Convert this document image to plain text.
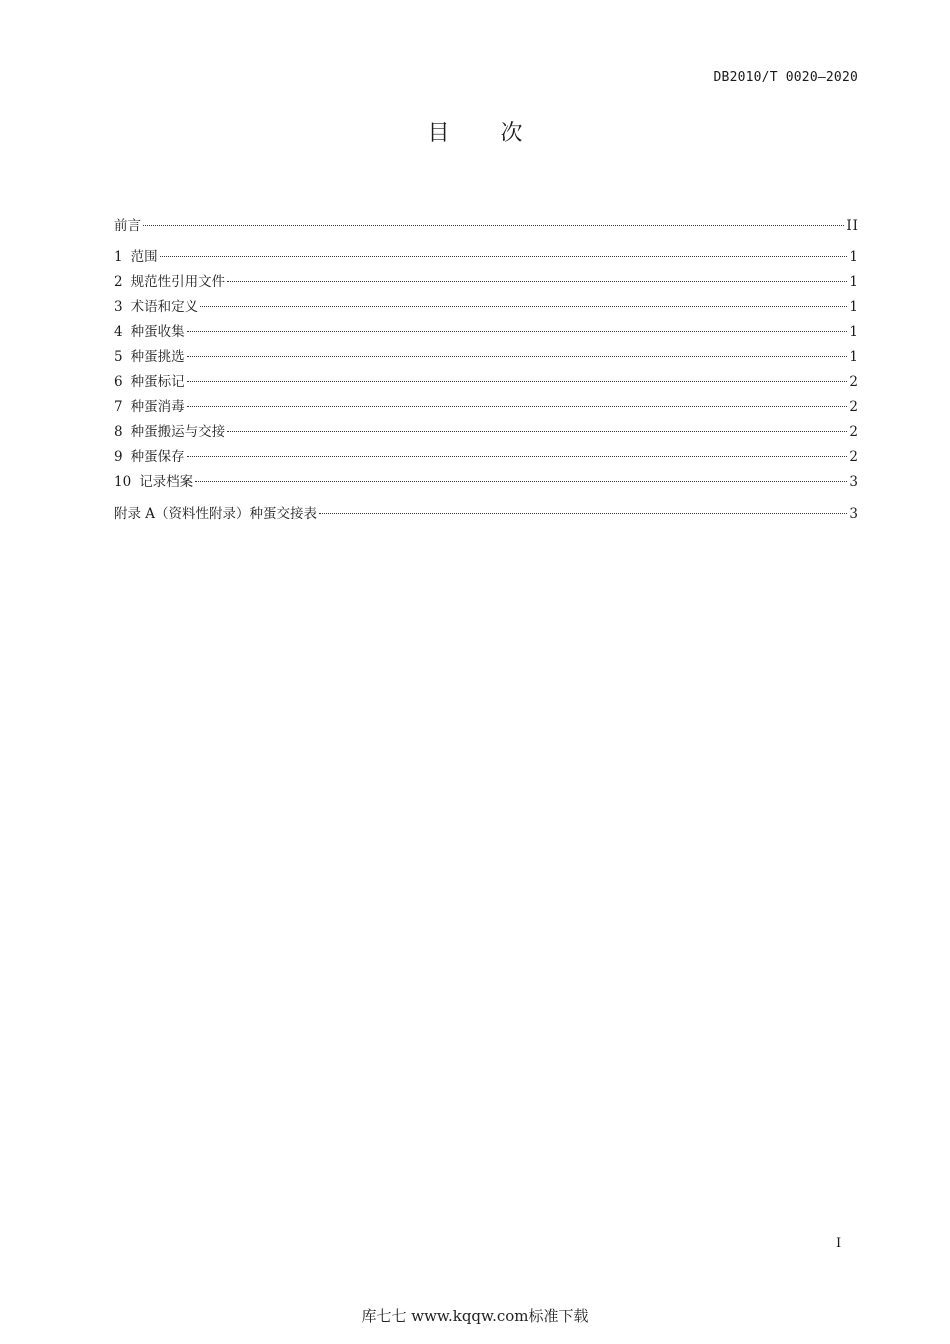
DB2010/T 0020—2020
目 次
前言	II
1 范围	1
2 规范性引用文件	1
3 术语和定义	1
4 种蛋收集	1
5 种蛋挑选	1
6 种蛋标记	2
7 种蛋消毒	2
8 种蛋搬运与交接	2
9 种蛋保存	2
10 记录档案	3
附录 A（资料性附录）种蛋交接表	3
I
库七七 www.kqqw.com标准下载
